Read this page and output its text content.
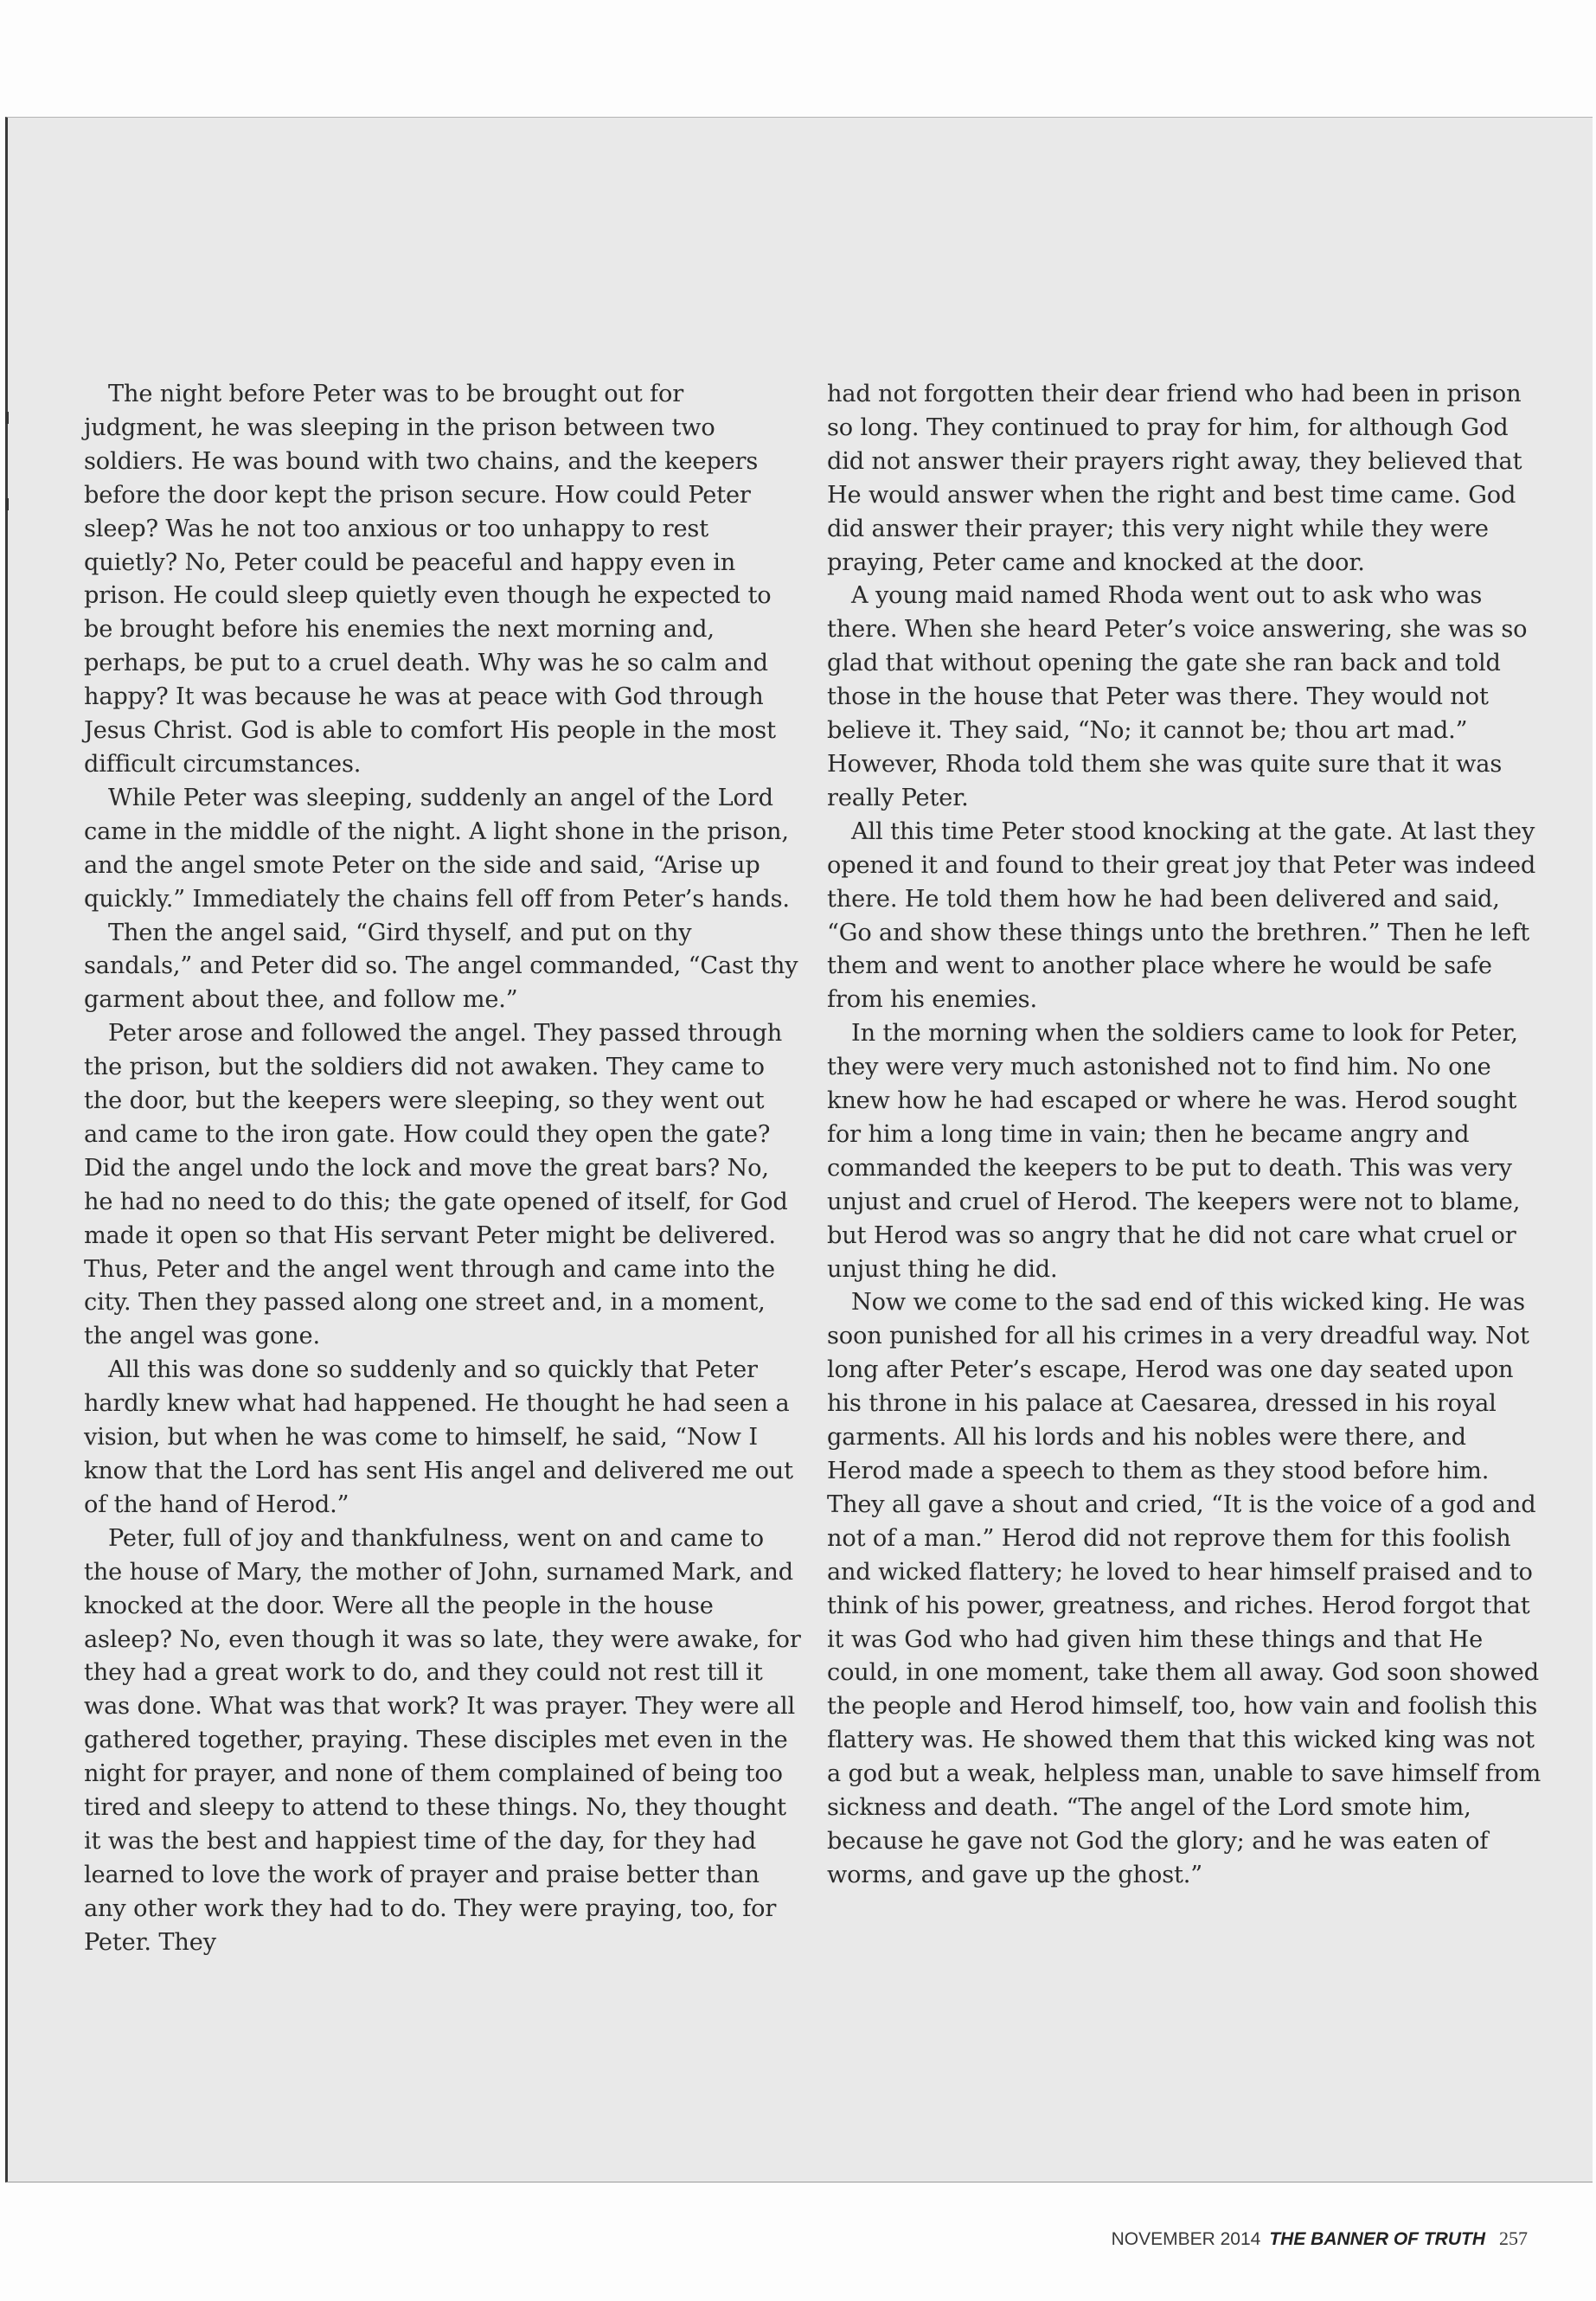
The night before Peter was to be brought out for judgment, he was sleeping in the prison between two soldiers. He was bound with two chains, and the keepers before the door kept the prison secure. How could Peter sleep? Was he not too anxious or too unhappy to rest quietly? No, Peter could be peaceful and happy even in prison. He could sleep quietly even though he expected to be brought before his enemies the next morning and, perhaps, be put to a cruel death. Why was he so calm and happy? It was because he was at peace with God through Jesus Christ. God is able to comfort His people in the most difficult circumstances.

While Peter was sleeping, suddenly an angel of the Lord came in the middle of the night. A light shone in the prison, and the angel smote Peter on the side and said, “Arise up quickly.” Immediately the chains fell off from Peter’s hands.

Then the angel said, “Gird thyself, and put on thy sandals,” and Peter did so. The angel commanded, “Cast thy garment about thee, and follow me.”

Peter arose and followed the angel. They passed through the prison, but the soldiers did not awaken. They came to the door, but the keepers were sleeping, so they went out and came to the iron gate. How could they open the gate? Did the angel undo the lock and move the great bars? No, he had no need to do this; the gate opened of itself, for God made it open so that His servant Peter might be delivered. Thus, Peter and the angel went through and came into the city. Then they passed along one street and, in a moment, the angel was gone.

All this was done so suddenly and so quickly that Peter hardly knew what had happened. He thought he had seen a vision, but when he was come to himself, he said, “Now I know that the Lord has sent His angel and delivered me out of the hand of Herod.”

Peter, full of joy and thankfulness, went on and came to the house of Mary, the mother of John, surnamed Mark, and knocked at the door. Were all the people in the house asleep? No, even though it was so late, they were awake, for they had a great work to do, and they could not rest till it was done. What was that work? It was prayer. They were all gathered together, praying. These disciples met even in the night for prayer, and none of them complained of being too tired and sleepy to attend to these things. No, they thought it was the best and happiest time of the day, for they had learned to love the work of prayer and praise better than any other work they had to do. They were praying, too, for Peter. They

had not forgotten their dear friend who had been in prison so long. They continued to pray for him, for although God did not answer their prayers right away, they believed that He would answer when the right and best time came. God did answer their prayer; this very night while they were praying, Peter came and knocked at the door.

A young maid named Rhoda went out to ask who was there. When she heard Peter’s voice answering, she was so glad that without opening the gate she ran back and told those in the house that Peter was there. They would not believe it. They said, “No; it cannot be; thou art mad.” However, Rhoda told them she was quite sure that it was really Peter.

All this time Peter stood knocking at the gate. At last they opened it and found to their great joy that Peter was indeed there. He told them how he had been delivered and said, “Go and show these things unto the brethren.” Then he left them and went to another place where he would be safe from his enemies.

In the morning when the soldiers came to look for Peter, they were very much astonished not to find him. No one knew how he had escaped or where he was. Herod sought for him a long time in vain; then he became angry and commanded the keepers to be put to death. This was very unjust and cruel of Herod. The keepers were not to blame, but Herod was so angry that he did not care what cruel or unjust thing he did.

Now we come to the sad end of this wicked king. He was soon punished for all his crimes in a very dreadful way. Not long after Peter’s escape, Herod was one day seated upon his throne in his palace at Caesarea, dressed in his royal garments. All his lords and his nobles were there, and Herod made a speech to them as they stood before him. They all gave a shout and cried, “It is the voice of a god and not of a man.” Herod did not reprove them for this foolish and wicked flattery; he loved to hear himself praised and to think of his power, greatness, and riches. Herod forgot that it was God who had given him these things and that He could, in one moment, take them all away. God soon showed the people and Herod himself, too, how vain and foolish this flattery was. He showed them that this wicked king was not a god but a weak, helpless man, unable to save himself from sickness and death. “The angel of the Lord smote him, because he gave not God the glory; and he was eaten of worms, and gave up the ghost.”

NOVEMBER 2014 THE BANNER OF TRUTH 257
